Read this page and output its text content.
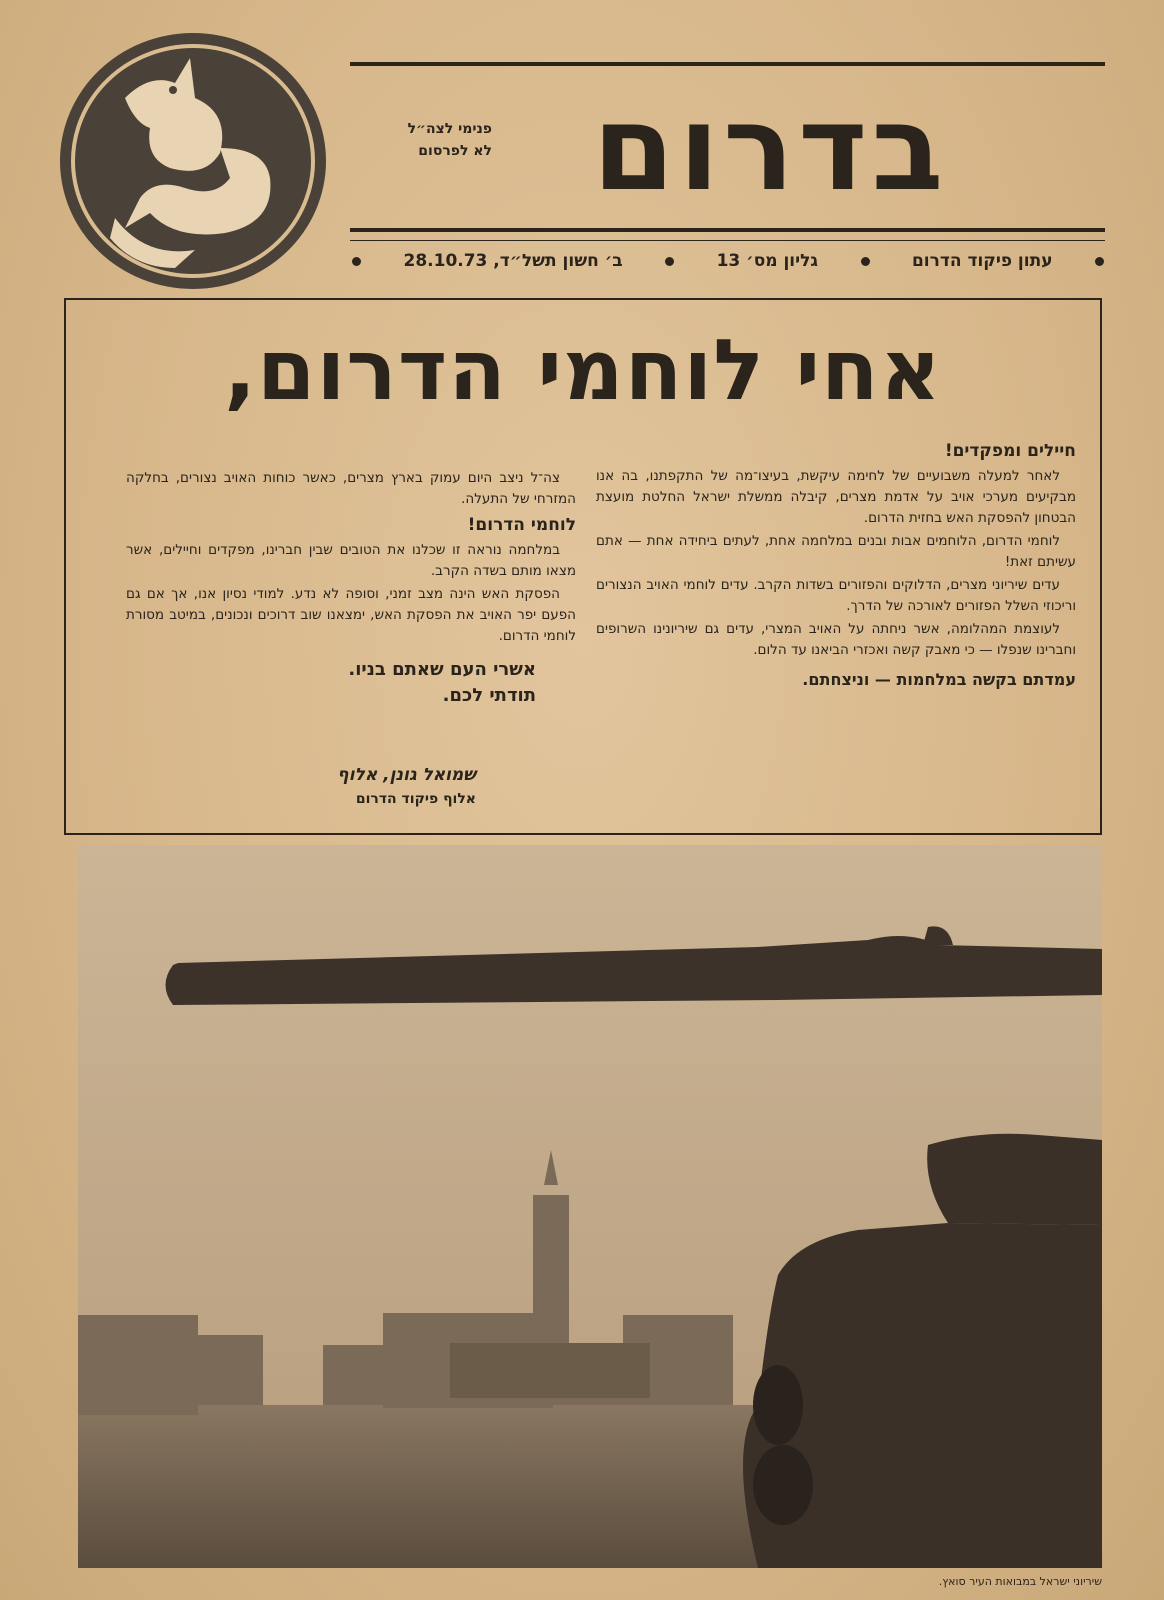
בדרום
פנימי לצה״ל
לא לפרסום
עתון פיקוד הדרום
גליון מס׳ 13
ב׳ חשון תשל״ד, 28.10.73
אחי לוחמי הדרום,
חיילים ומפקדים!

לאחר למעלה משבועיים של לחימה עיקשת, בעיצו־מה של התקפתנו, בה אנו מבקיעים מערכי אויב על אדמת מצרים, קיבלה ממשלת ישראל החלטת מועצת הבטחון להפסקת האש בחזית הדרום.

לוחמי הדרום, הלוחמים אבות ובנים במלחמה אחת, לעתים ביחידה אחת — אתם עשיתם זאת!

עדים שיריוני מצרים, הדלוקים והפזורים בשדות הקרב. עדים לוחמי האויב הנצורים וריכוזי השלל הפזורים לאורכה של הדרך.

לעוצמת המהלומה, אשר ניחתה על האויב המצרי, עדים גם שיריונינו השרופים וחברינו שנפלו — כי מאבק קשה ואכזרי הביאנו עד הלום.

עמדתם בקשה במלחמות — וניצחתם.

צה־ל ניצב היום עמוק בארץ מצרים, כאשר כוחות האויב נצורים, בחלקה המזרחי של התעלה.

לוחמי הדרום!

במלחמה נוראה זו שכלנו את הטובים שבין חברינו, מפקדים וחיילים, אשר מצאו מותם בשדה הקרב.

הפסקת האש הינה מצב זמני, וסופה לא נדע. למודי נסיון אנו, אך אם גם הפעם יפר האויב את הפסקת האש, ימצאנו שוב דרוכים ונכונים, במיטב מסורת לוחמי הדרום.

אשרי העם שאתם בניו.
תודתי לכם.
שמואל גונן, אלוף
אלוף פיקוד הדרום
שיריוני ישראל במבואות העיר סואץ.
